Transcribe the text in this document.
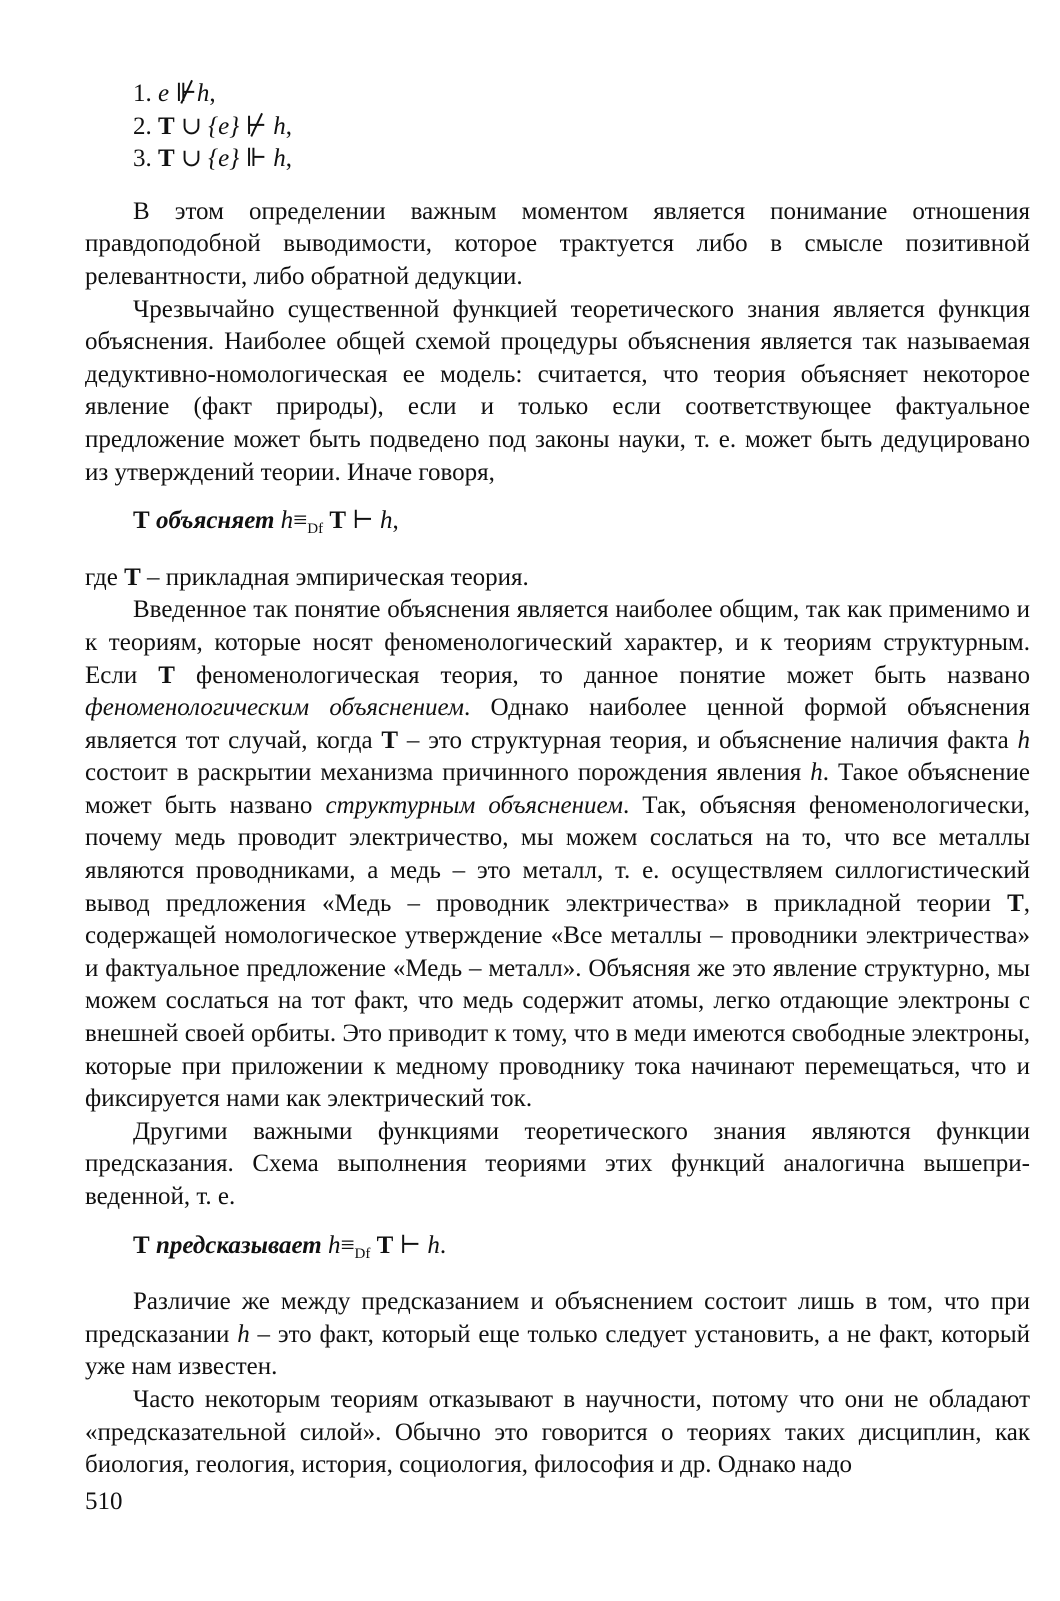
1. e ⊮h,
2. T ∪ {e} ⊬ h,
3. T ∪ {e} ⊩ h,

В этом определении важным моментом является понимание отношения правдоподобной выводимости, которое трактуется либо в смысле позитивной релевантности, либо обратной дедукции.

Чрезвычайно существенной функцией теоретического знания является функция объяснения. Наиболее общей схемой процедуры объяснения является так называемая дедуктивно-номологическая ее модель: считается, что теория объясняет некоторое явление (факт природы), если и только если соответствующее фактуальное предложение может быть подведено под законы науки, т. е. может быть дедуцировано из утверждений теории. Иначе говоря,

T объясняет $h\equiv_{Df}$ T ⊢ h,

где T – прикладная эмпирическая теория.

Введенное так понятие объяснения является наиболее общим, так как применимо и к теориям, которые носят феноменологический характер, и к теориям структурным. Если T феноменологическая теория, то данное понятие может быть названо феноменологическим объяснением. Однако наиболее ценной формой объяснения является тот случай, когда T – это структурная теория, и объяснение наличия факта h состоит в раскрытии механизма причинного порождения явления h. Такое объяснение может быть названо структурным объяснением. Так, объясняя феноменологически, почему медь проводит электричество, мы можем сослаться на то, что все металлы являются проводниками, а медь – это металл, т. е. осуществляем силлогистический вывод предложения «Медь – проводник электричества» в прикладной теории T, содержащей номологическое утверждение «Все металлы – проводники электричества» и фактуальное предложение «Медь – металл». Объясняя же это явление структурно, мы можем сослаться на тот факт, что медь содержит атомы, легко отдающие электроны с внешней своей орбиты. Это приводит к тому, что в меди имеются свободные электроны, которые при приложении к медному проводнику тока начинают перемещаться, что и фиксируется нами как электрический ток.

Другими важными функциями теоретического знания являются функции предсказания. Схема выполнения теориями этих функций аналогична вышеприведенной, т. е.

T предсказывает $h\equiv_{Df}$ T ⊢ h.

Различие же между предсказанием и объяснением состоит лишь в том, что при предсказании h – это факт, который еще только следует установить, а не факт, который уже нам известен.

Часто некоторым теориям отказывают в научности, потому что они не обладают «предсказательной силой». Обычно это говорится о теориях таких дисциплин, как биология, геология, история, социология, философия и др. Однако надо

510
